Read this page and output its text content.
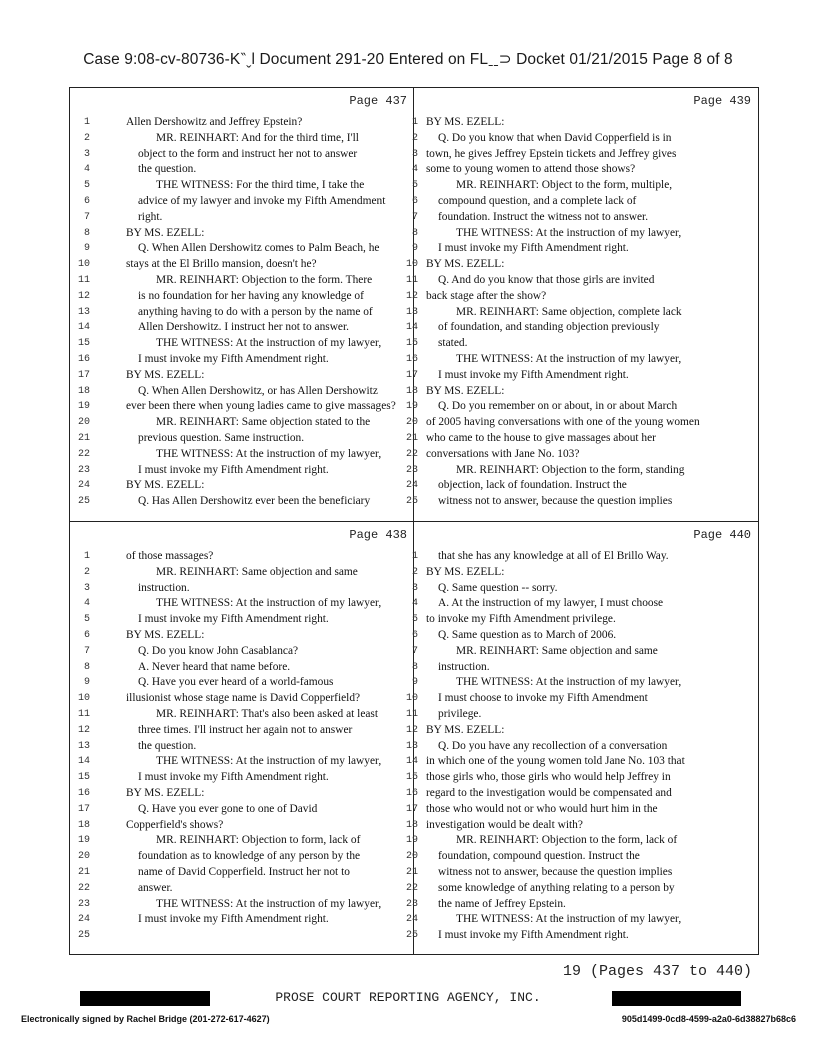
Case 9:08-cv-80736-K‶ˬl Document 291-20 Entered on FLˍˍ⊃ Docket 01/21/2015 Page 8 of 8
Page 437
1	Allen Dershowitz and Jeffrey Epstein?
2	MR. REINHART: And for the third time, I'll
3	object to the form and instruct her not to answer
4	the question.
5	THE WITNESS: For the third time, I take the
6	advice of my lawyer and invoke my Fifth Amendment
7	right.
8	BY MS. EZELL:
9	Q. When Allen Dershowitz comes to Palm Beach, he
10	stays at the El Brillo mansion, doesn't he?
11	MR. REINHART: Objection to the form. There
12	is no foundation for her having any knowledge of
13	anything having to do with a person by the name of
14	Allen Dershowitz. I instruct her not to answer.
15	THE WITNESS: At the instruction of my lawyer,
16	I must invoke my Fifth Amendment right.
17	BY MS. EZELL:
18	Q. When Allen Dershowitz, or has Allen Dershowitz
19	ever been there when young ladies came to give massages?
20	MR. REINHART: Same objection stated to the
21	previous question. Same instruction.
22	THE WITNESS: At the instruction of my lawyer,
23	I must invoke my Fifth Amendment right.
24	BY MS. EZELL:
25	Q. Has Allen Dershowitz ever been the beneficiary
Page 439
1 BY MS. EZELL:
2	Q. Do you know that when David Copperfield is in
3 town, he gives Jeffrey Epstein tickets and Jeffrey gives
4 some to young women to attend those shows?
5	MR. REINHART: Object to the form, multiple,
6	compound question, and a complete lack of
7	foundation. Instruct the witness not to answer.
8	THE WITNESS: At the instruction of my lawyer,
9	I must invoke my Fifth Amendment right.
10 BY MS. EZELL:
11	Q. And do you know that those girls are invited
12 back stage after the show?
13	MR. REINHART: Same objection, complete lack
14	of foundation, and standing objection previously
15	stated.
16	THE WITNESS: At the instruction of my lawyer,
17	I must invoke my Fifth Amendment right.
18 BY MS. EZELL:
19	Q. Do you remember on or about, in or about March
20 of 2005 having conversations with one of the young women
21 who came to the house to give massages about her
22 conversations with Jane No. 103?
23	MR. REINHART: Objection to the form, standing
24	objection, lack of foundation. Instruct the
25	witness not to answer, because the question implies
Page 438
1	of those massages?
2	MR. REINHART: Same objection and same
3	instruction.
4	THE WITNESS: At the instruction of my lawyer,
5	I must invoke my Fifth Amendment right.
6	BY MS. EZELL:
7	Q. Do you know John Casablanca?
8	A. Never heard that name before.
9	Q. Have you ever heard of a world-famous
10	illusionist whose stage name is David Copperfield?
11	MR. REINHART: That's also been asked at least
12	three times. I'll instruct her again not to answer
13	the question.
14	THE WITNESS: At the instruction of my lawyer,
15	I must invoke my Fifth Amendment right.
16	BY MS. EZELL:
17	Q. Have you ever gone to one of David
18	Copperfield's shows?
19	MR. REINHART: Objection to form, lack of
20	foundation as to knowledge of any person by the
21	name of David Copperfield. Instruct her not to
22	answer.
23	THE WITNESS: At the instruction of my lawyer,
24	I must invoke my Fifth Amendment right.
25
Page 440
1	that she has any knowledge at all of El Brillo Way.
2 BY MS. EZELL:
3	Q. Same question -- sorry.
4	A. At the instruction of my lawyer, I must choose
5 to invoke my Fifth Amendment privilege.
6	Q. Same question as to March of 2006.
7	MR. REINHART: Same objection and same
8	instruction.
9	THE WITNESS: At the instruction of my lawyer,
10	I must choose to invoke my Fifth Amendment
11	privilege.
12 BY MS. EZELL:
13	Q. Do you have any recollection of a conversation
14 in which one of the young women told Jane No. 103 that
15 those girls who, those girls who would help Jeffrey in
16 regard to the investigation would be compensated and
17 those who would not or who would hurt him in the
18 investigation would be dealt with?
19	MR. REINHART: Objection to the form, lack of
20	foundation, compound question. Instruct the
21	witness not to answer, because the question implies
22	some knowledge of anything relating to a person by
23	the name of Jeffrey Epstein.
24	THE WITNESS: At the instruction of my lawyer,
25	I must invoke my Fifth Amendment right.
19 (Pages 437 to 440)
PROSE COURT REPORTING AGENCY, INC.
Electronically signed by Rachel Bridge (201-272-617-4627)	905d1499-0cd8-4599-a2a0-6d38827b68c6
